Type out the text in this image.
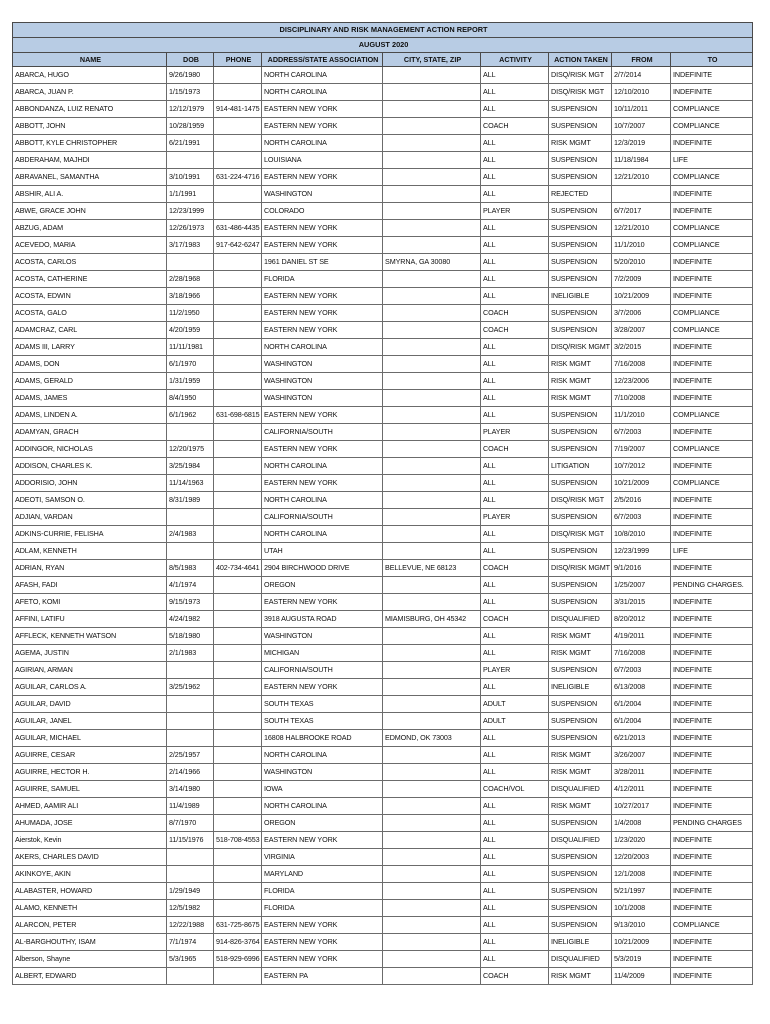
DISCIPLINARY AND RISK MANAGEMENT ACTION REPORT								
AUGUST 2020								
NAME	DOB	PHONE	ADDRESS/STATE ASSOCIATION	CITY, STATE, ZIP	ACTIVITY	ACTION TAKEN	FROM	TO
ABARCA, HUGO	9/26/1980		NORTH CAROLINA		ALL	DISQ/RISK MGT	2/7/2014	INDEFINITE
ABARCA, JUAN P.	1/15/1973		NORTH CAROLINA		ALL	DISQ/RISK MGT	12/10/2010	INDEFINITE
ABBONDANZA, LUIZ RENATO	12/12/1979	914-481-1475	EASTERN NEW YORK		ALL	SUSPENSION	10/11/2011	COMPLIANCE
ABBOTT, JOHN	10/28/1959		EASTERN NEW YORK		COACH	SUSPENSION	10/7/2007	COMPLIANCE
ABBOTT, KYLE CHRISTOPHER	6/21/1991		NORTH CAROLINA		ALL	RISK MGMT	12/3/2019	INDEFINITE
ABDERAHAM, MAJHDI			LOUISIANA		ALL	SUSPENSION	11/18/1984	LIFE
ABRAVANEL, SAMANTHA	3/10/1991	631-224-4716	EASTERN NEW YORK		ALL	SUSPENSION	12/21/2010	COMPLIANCE
ABSHIR, ALI A.	1/1/1991		WASHINGTON		ALL	REJECTED		INDEFINITE
ABWE, GRACE JOHN	12/23/1999		COLORADO		PLAYER	SUSPENSION	6/7/2017	INDEFINITE
ABZUG, ADAM	12/26/1973	631-486-4435	EASTERN NEW YORK		ALL	SUSPENSION	12/21/2010	COMPLIANCE
ACEVEDO, MARIA	3/17/1983	917-642-6247	EASTERN NEW YORK		ALL	SUSPENSION	11/1/2010	COMPLIANCE
ACOSTA, CARLOS			1961 DANIEL ST SE	SMYRNA, GA 30080	ALL	SUSPENSION	5/20/2010	INDEFINITE
ACOSTA, CATHERINE	2/28/1968		FLORIDA		ALL	SUSPENSION	7/2/2009	INDEFINITE
ACOSTA, EDWIN	3/18/1966		EASTERN NEW YORK		ALL	INELIGIBLE	10/21/2009	INDEFINITE
ACOSTA, GALO	11/2/1950		EASTERN NEW YORK		COACH	SUSPENSION	3/7/2006	COMPLIANCE
ADAMCRAZ, CARL	4/20/1959		EASTERN NEW YORK		COACH	SUSPENSION	3/28/2007	COMPLIANCE
ADAMS III, LARRY	11/11/1981		NORTH CAROLINA		ALL	DISQ/RISK MGMT	3/2/2015	INDEFINITE
ADAMS, DON	6/1/1970		WASHINGTON		ALL	RISK MGMT	7/16/2008	INDEFINITE
ADAMS, GERALD	1/31/1959		WASHINGTON		ALL	RISK MGMT	12/23/2006	INDEFINITE
ADAMS, JAMES	8/4/1950		WASHINGTON		ALL	RISK MGMT	7/10/2008	INDEFINITE
ADAMS, LINDEN A.	6/1/1962	631-698-6815	EASTERN NEW YORK		ALL	SUSPENSION	11/1/2010	COMPLIANCE
ADAMYAN, GRACH			CALIFORNIA/SOUTH		PLAYER	SUSPENSION	6/7/2003	INDEFINITE
ADDINGOR, NICHOLAS	12/20/1975		EASTERN NEW YORK		COACH	SUSPENSION	7/19/2007	COMPLIANCE
ADDISON, CHARLES K.	3/25/1984		NORTH CAROLINA		ALL	LITIGATION	10/7/2012	INDEFINITE
ADDORISIO, JOHN	11/14/1963		EASTERN NEW YORK		ALL	SUSPENSION	10/21/2009	COMPLIANCE
ADEOTI, SAMSON O.	8/31/1989		NORTH CAROLINA		ALL	DISQ/RISK MGT	2/5/2016	INDEFINITE
ADJIAN, VARDAN			CALIFORNIA/SOUTH		PLAYER	SUSPENSION	6/7/2003	INDEFINITE
ADKINS-CURRIE, FELISHA	2/4/1983		NORTH CAROLINA		ALL	DISQ/RISK MGT	10/8/2010	INDEFINITE
ADLAM, KENNETH			UTAH		ALL	SUSPENSION	12/23/1999	LIFE
ADRIAN, RYAN	8/5/1983	402-734-4641	2904 BIRCHWOOD DRIVE	BELLEVUE, NE 68123	COACH	DISQ/RISK MGMT	9/1/2016	INDEFINITE
AFASH, FADI	4/1/1974		OREGON		ALL	SUSPENSION	1/25/2007	PENDING CHARGES.
AFETO, KOMI	9/15/1973		EASTERN NEW YORK		ALL	SUSPENSION	3/31/2015	INDEFINITE
AFFINI, LATIFU	4/24/1982		3918 AUGUSTA ROAD	MIAMISBURG, OH 45342	COACH	DISQUALIFIED	8/20/2012	INDEFINITE
AFFLECK, KENNETH WATSON	5/18/1980		WASHINGTON		ALL	RISK MGMT	4/19/2011	INDEFINITE
AGEMA, JUSTIN	2/1/1983		MICHIGAN		ALL	RISK MGMT	7/16/2008	INDEFINITE
AGIRIAN, ARMAN			CALIFORNIA/SOUTH		PLAYER	SUSPENSION	6/7/2003	INDEFINITE
AGUILAR, CARLOS A.	3/25/1962		EASTERN NEW YORK		ALL	INELIGIBLE	6/13/2008	INDEFINITE
AGUILAR, DAVID			SOUTH TEXAS		ADULT	SUSPENSION	6/1/2004	INDEFINITE
AGUILAR, JANEL			SOUTH TEXAS		ADULT	SUSPENSION	6/1/2004	INDEFINITE
AGUILAR, MICHAEL			16808 HALBROOKE ROAD	EDMOND, OK 73003	ALL	SUSPENSION	6/21/2013	INDEFINITE
AGUIRRE, CESAR	2/25/1957		NORTH CAROLINA		ALL	RISK MGMT	3/26/2007	INDEFINITE
AGUIRRE, HECTOR H.	2/14/1966		WASHINGTON		ALL	RISK MGMT	3/28/2011	INDEFINITE
AGUIRRE, SAMUEL	3/14/1980		IOWA		COACH/VOL	DISQUALIFIED	4/12/2011	INDEFINITE
AHMED, AAMIR ALI	11/4/1989		NORTH CAROLINA		ALL	RISK MGMT	10/27/2017	INDEFINITE
AHUMADA, JOSE	8/7/1970		OREGON		ALL	SUSPENSION	1/4/2008	PENDING CHARGES
Aierstok, Kevin	11/15/1976	518-708-4553	EASTERN NEW YORK		ALL	DISQUALIFIED	1/23/2020	INDEFINITE
AKERS, CHARLES DAVID			VIRGINIA		ALL	SUSPENSION	12/20/2003	INDEFINITE
AKINKOYE, AKIN			MARYLAND		ALL	SUSPENSION	12/1/2008	INDEFINITE
ALABASTER, HOWARD	1/29/1949		FLORIDA		ALL	SUSPENSION	5/21/1997	INDEFINITE
ALAMO, KENNETH	12/5/1982		FLORIDA		ALL	SUSPENSION	10/1/2008	INDEFINITE
ALARCON, PETER	12/22/1988	631-725-8675	EASTERN NEW YORK		ALL	SUSPENSION	9/13/2010	COMPLIANCE
AL-BARGHOUTHY, ISAM	7/1/1974	914-826-3764	EASTERN NEW YORK		ALL	INELIGIBLE	10/21/2009	INDEFINITE
Alberson, Shayne	5/3/1965	518-929-6996	EASTERN NEW YORK		ALL	DISQUALIFIED	5/3/2019	INDEFINITE
ALBERT, EDWARD			EASTERN PA		COACH	RISK MGMT	11/4/2009	INDEFINITE
